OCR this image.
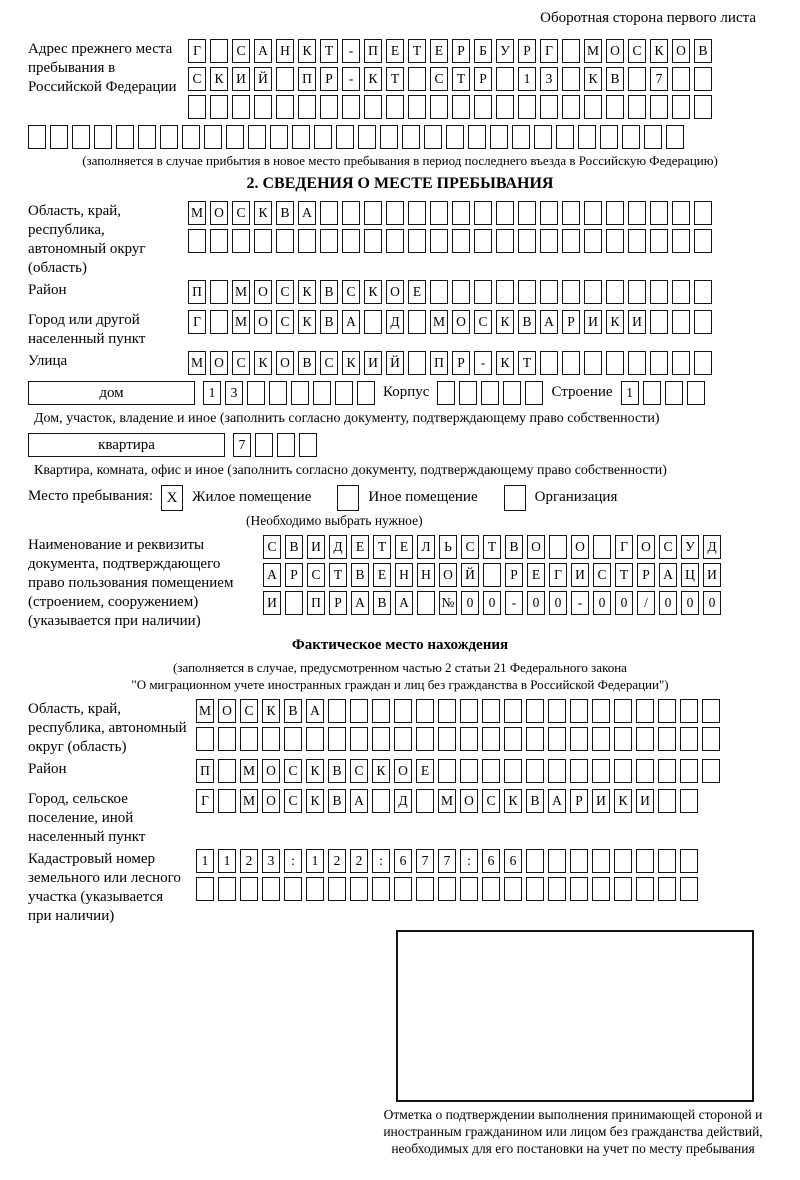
Оборотная сторона первого листа
Адрес прежнего места пребывания в Российской Федерации
Г	С А Н К Т	-	П Е	Т	Е	Р	Б У Р	Г	М О С К О В
С К И Й	П Р	-	К Т	С Т	Р	1	3	К В	7
(заполняется в случае прибытия в новое место пребывания в период последнего въезда в Российскую Федерацию)
2. СВЕДЕНИЯ О МЕСТЕ ПРЕБЫВАНИЯ
Область, край, республика, автономный округ (область)
М О С К В А
Район	П	М О С К В С К О Е
Город или другой населенный пункт
Г	М О С К В А	Д	М О С К В А Р И К И
Улица	М О С К О В С К И Й	П Р	-	К Т
дом	1	3	Корпус	Строение	1
Дом, участок, владение и иное (заполнить согласно документу, подтверждающему право собственности)
квартира	7
Квартира, комната, офис и иное (заполнить согласно документу, подтверждающему право собственности)
Место пребывания: X Жилое помещение	Иное помещение	Организация
(Необходимо выбрать нужное)
Наименование и реквизиты документа, подтверждающего право пользования помещением (строением, сооружением) (указывается при наличии)
С В И Д Е	Т	Е Л	Ь	С Т В О	О	Г О С У Д
А Р	С Т В Е Н Н О Й	Р	Е	Г И С Т	Р А Ц И
И	П Р А В А	№ 0	0	-	0	0	-	0	0	/	0	0	0
Фактическое место нахождения
(заполняется в случае, предусмотренном частью 2 статьи 21 Федерального закона
"О миграционном учете иностранных граждан и лиц без гражданства в Российской Федерации")
Область, край, республика, автономный округ (область)
М О С К В А
Район	П	М О С К В С К О Е
Город, сельское поселение, иной населенный пункт
Г	М О С К В А	Д	М О С К В А Р И К И
Кадастровый номер земельного или лесного участка (указывается при наличии)
1	1	2	3	:	1	2	2	:	6	7	7	:	6	6
Отметка о подтверждении выполнения принимающей стороной и иностранным гражданином или лицом без гражданства действий, необходимых для его постановки на учет по месту пребывания
